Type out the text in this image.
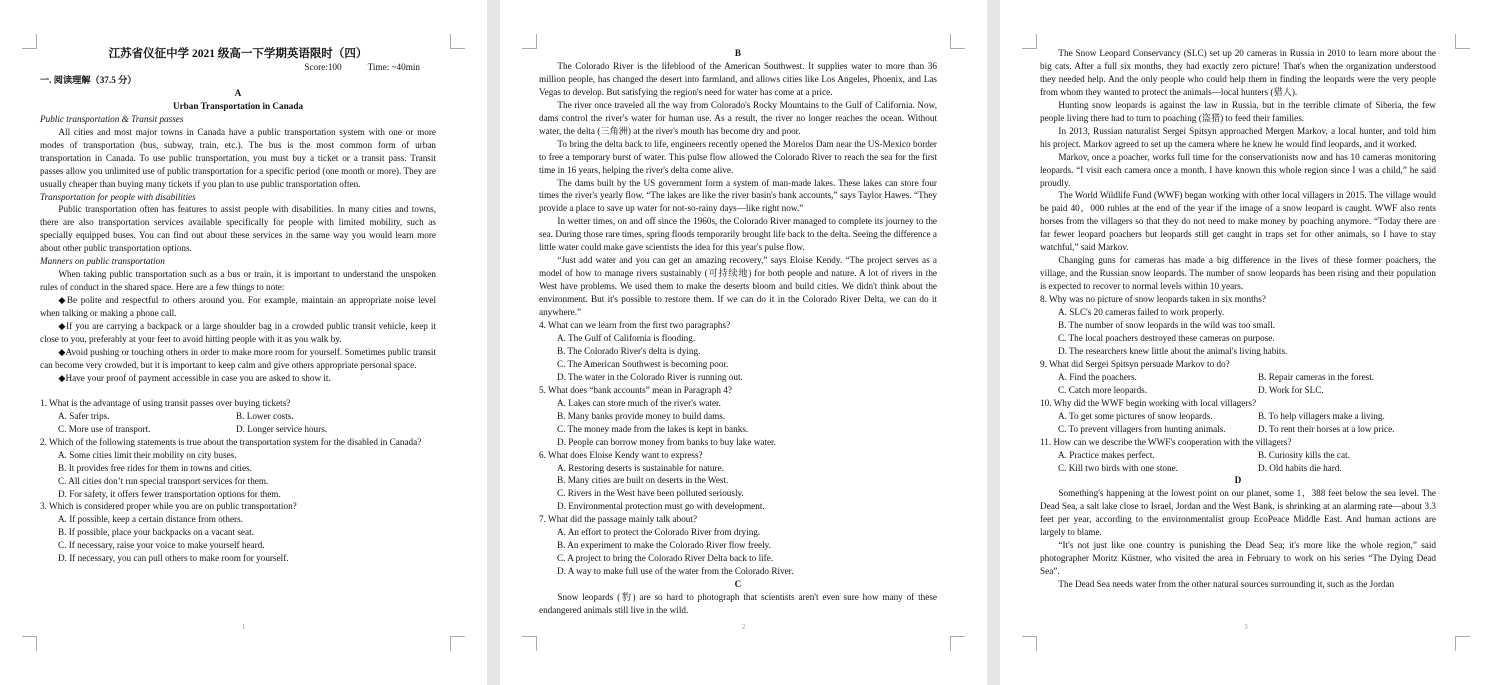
江苏省仪征中学 2021 级高一下学期英语限时（四）

Score:100	Time: ~40min

一. 阅读理解（37.5 分）

A

Urban Transportation in Canada

Public transportation & Transit passes

All cities and most major towns in Canada have a public transportation system with one or more modes of transportation (bus, subway, train, etc.). The bus is the most common form of urban transportation in Canada. To use public transportation, you must buy a ticket or a transit pass. Transit passes allow you unlimited use of public transportation for a specific period (one month or more). They are usually cheaper than buying many tickets if you plan to use public transportation often.

Transportation for people with disabilities

Public transportation often has features to assist people with disabilities. In many cities and towns, there are also transportation services available specifically for people with limited mobility, such as specially equipped buses. You can find out about these services in the same way you would learn more about other public transportation options.

Manners on public transportation

When taking public transportation such as a bus or train, it is important to understand the unspoken rules of conduct in the shared space. Here are a few things to note:

◆Be polite and respectful to others around you. For example, maintain an appropriate noise level when talking or making a phone call.

◆If you are carrying a backpack or a large shoulder bag in a crowded public transit vehicle, keep it close to you, preferably at your feet to avoid hitting people with it as you walk by.

◆Avoid pushing or touching others in order to make more room for yourself. Sometimes public transit can become very crowded, but it is important to keep calm and give others appropriate personal space.

◆Have your proof of payment accessible in case you are asked to show it.

1. What is the advantage of using transit passes over buying tickets?

A. Safer trips.	B. Lower costs.

C. More use of transport.	D. Longer service hours.

2. Which of the following statements is true about the transportation system for the disabled in Canada?

A. Some cities limit their mobility on city buses.

B. It provides free rides for them in towns and cities.

C. All cities don’t run special transport services for them.

D. For safety, it offers fewer transportation options for them.

3. Which is considered proper while you are on public transportation?

A. If possible, keep a certain distance from others.

B. If possible, place your backpacks on a vacant seat.

C. If necessary, raise your voice to make yourself heard.

D. If necessary, you can pull others to make room for yourself.

1

B

The Colorado River is the lifeblood of the American Southwest. It supplies water to more than 36 million people, has changed the desert into farmland, and allows cities like Los Angeles, Phoenix, and Las Vegas to develop. But satisfying the region's need for water has come at a price.

The river once traveled all the way from Colorado's Rocky Mountains to the Gulf of California. Now, dams control the river's water for human use. As a result, the river no longer reaches the ocean. Without water, the delta (三角洲) at the river's mouth has become dry and poor.

To bring the delta back to life, engineers recently opened the Morelos Dam near the US-Mexico border to free a temporary burst of water. This pulse flow allowed the Colorado River to reach the sea for the first time in 16 years, helping the river's delta come alive.

The dams built by the US government form a system of man-made lakes. These lakes can store four times the river's yearly flow. “The lakes are like the river basin's bank accounts,” says Taylor Hawes. “They provide a place to save up water for not-so-rainy days—like right now.”

In wetter times, on and off since the 1960s, the Colorado River managed to complete its journey to the sea. During those rare times, spring floods temporarily brought life back to the delta. Seeing the difference a little water could make gave scientists the idea for this year's pulse flow.

“Just add water and you can get an amazing recovery,” says Eloise Kendy. “The project serves as a model of how to manage rivers sustainably (可持续地) for both people and nature. A lot of rivers in the West have problems. We used them to make the deserts bloom and build cities. We didn't think about the environment. But it's possible to restore them. If we can do it in the Colorado River Delta, we can do it anywhere.”

4. What can we learn from the first two paragraphs?

A. The Gulf of California is flooding.

B. The Colorado River's delta is dying.

C. The American Southwest is becoming poor.

D. The water in the Colorado River is running out.

5. What does “bank accounts” mean in Paragraph 4?

A. Lakes can store much of the river's water.

B. Many banks provide money to build dams.

C. The money made from the lakes is kept in banks.

D. People can borrow money from banks to buy lake water.

6. What does Eloise Kendy want to express?

A. Restoring deserts is sustainable for nature.

B. Many cities are built on deserts in the West.

C. Rivers in the West have been polluted seriously.

D. Environmental protection must go with development.

7. What did the passage mainly talk about?

A. An effort to protect the Colorado River from drying.

B. An experiment to make the Colorado River flow freely.

C. A project to bring the Colorado River Delta back to life.

D. A way to make full use of the water from the Colorado River.

C

Snow leopards (豹) are so hard to photograph that scientists aren't even sure how many of these endangered animals still live in the wild.

2

The Snow Leopard Conservancy (SLC) set up 20 cameras in Russia in 2010 to learn more about the big cats. After a full six months, they had exactly zero picture! That's when the organization understood they needed help. And the only people who could help them in finding the leopards were the very people from whom they wanted to protect the animals—local hunters (猎人).

Hunting snow leopards is against the law in Russia, but in the terrible climate of Siberia, the few people living there had to turn to poaching (盗猎) to feed their families.

In 2013, Russian naturalist Sergei Spitsyn approached Mergen Markov, a local hunter, and told him his project. Markov agreed to set up the camera where he knew he would find leopards, and it worked.

Markov, once a poacher, works full time for the conservationists now and has 10 cameras monitoring leopards. “I visit each camera once a month. I have known this whole region since I was a child,” he said proudly.

The World Wildlife Fund (WWF) began working with other local villagers in 2015. The village would be paid 40，000 rubles at the end of the year if the image of a snow leopard is caught. WWF also rents horses from the villagers so that they do not need to make money by poaching anymore. “Today there are far fewer leopard poachers but leopards still get caught in traps set for other animals, so I have to stay watchful,” said Markov.

Changing guns for cameras has made a big difference in the lives of these former poachers, the village, and the Russian snow leopards. The number of snow leopards has been rising and their population is expected to recover to normal levels within 10 years.

8. Why was no picture of snow leopards taken in six months?

A. SLC's 20 cameras failed to work properly.

B. The number of snow leopards in the wild was too small.

C. The local poachers destroyed these cameras on purpose.

D. The researchers knew little about the animal's living habits.

9. What did Sergei Spitsyn persuade Markov to do?

A. Find the poachers.	B. Repair cameras in the forest.

C. Catch more leopards.	D. Work for SLC.

10. Why did the WWF begin working with local villagers?

A. To get some pictures of snow leopards.	B. To help villagers make a living.

C. To prevent villagers from hunting animals.	D. To rent their horses at a low price.

11. How can we describe the WWF's cooperation with the villagers?

A. Practice makes perfect.	B. Curiosity kills the cat.

C. Kill two birds with one stone.	D. Old habits die hard.

D

Something's happening at the lowest point on our planet, some 1，388 feet below the sea level. The Dead Sea, a salt lake close to Israel, Jordan and the West Bank, is shrinking at an alarming rate—about 3.3 feet per year, according to the environmentalist group EcoPeace Middle East. And human actions are largely to blame.

“It's not just like one country is punishing the Dead Sea; it's more like the whole region,” said photographer Moritz Küstner, who visited the area in February to work on his series “The Dying Dead Sea”.

The Dead Sea needs water from the other natural sources surrounding it, such as the Jordan

3
